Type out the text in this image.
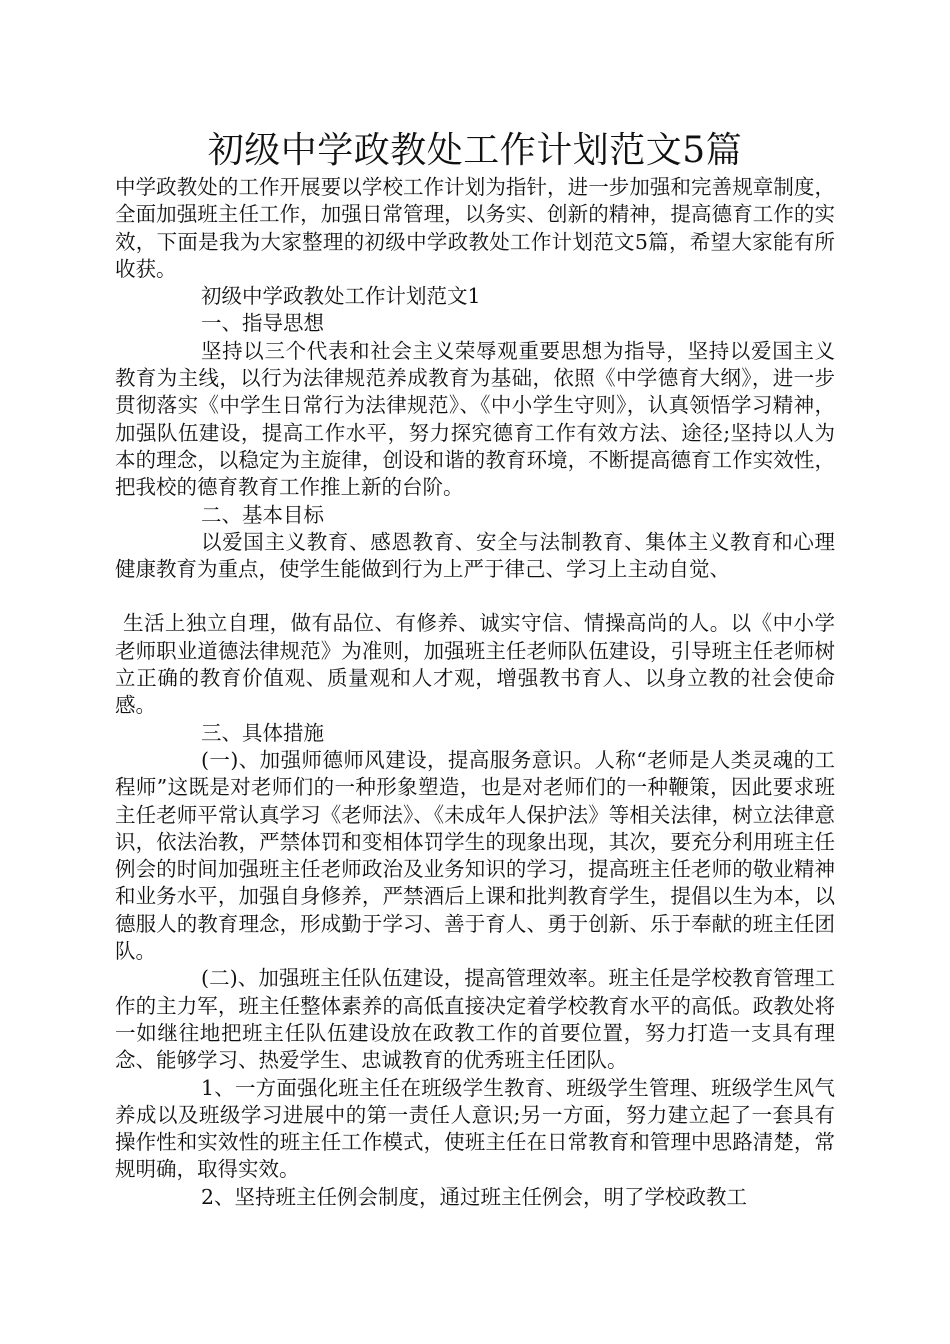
初级中学政教处工作计划范文5篇

中学政教处的工作开展要以学校工作计划为指针，进一步加强和完善规章制度，全面加强班主任工作，加强日常管理，以务实、创新的精神，提高德育工作的实效，下面是我为大家整理的初级中学政教处工作计划范文5篇，希望大家能有所收获。

初级中学政教处工作计划范文1

一、指导思想

坚持以三个代表和社会主义荣辱观重要思想为指导，坚持以爱国主义教育为主线，以行为法律规范养成教育为基础，依照《中学德育大纲》，进一步贯彻落实《中学生日常行为法律规范》、《中小学生守则》，认真领悟学习精神，加强队伍建设，提高工作水平，努力探究德育工作有效方法、途径;坚持以人为本的理念，以稳定为主旋律，创设和谐的教育环境，不断提高德育工作实效性，把我校的德育教育工作推上新的台阶。

二、基本目标

以爱国主义教育、感恩教育、安全与法制教育、集体主义教育和心理健康教育为重点，使学生能做到行为上严于律己、学习上主动自觉、

生活上独立自理，做有品位、有修养、诚实守信、情操高尚的人。以《中小学老师职业道德法律规范》为准则，加强班主任老师队伍建设，引导班主任老师树立正确的教育价值观、质量观和人才观，增强教书育人、以身立教的社会使命感。

三、具体措施

(一)、加强师德师风建设，提高服务意识。人称“老师是人类灵魂的工程师”这既是对老师们的一种形象塑造，也是对老师们的一种鞭策，因此要求班主任老师平常认真学习《老师法》、《未成年人保护法》等相关法律，树立法律意识，依法治教，严禁体罚和变相体罚学生的现象出现，其次，要充分利用班主任例会的时间加强班主任老师政治及业务知识的学习，提高班主任老师的敬业精神和业务水平，加强自身修养，严禁酒后上课和批判教育学生，提倡以生为本，以德服人的教育理念，形成勤于学习、善于育人、勇于创新、乐于奉献的班主任团队。

(二)、加强班主任队伍建设，提高管理效率。班主任是学校教育管理工作的主力军，班主任整体素养的高低直接决定着学校教育水平的高低。政教处将一如继往地把班主任队伍建设放在政教工作的首要位置，努力打造一支具有理念、能够学习、热爱学生、忠诚教育的优秀班主任团队。

1、一方面强化班主任在班级学生教育、班级学生管理、班级学生风气养成以及班级学习进展中的第一责任人意识;另一方面，努力建立起了一套具有操作性和实效性的班主任工作模式，使班主任在日常教育和管理中思路清楚，常规明确，取得实效。

2、坚持班主任例会制度，通过班主任例会，明了学校政教工
